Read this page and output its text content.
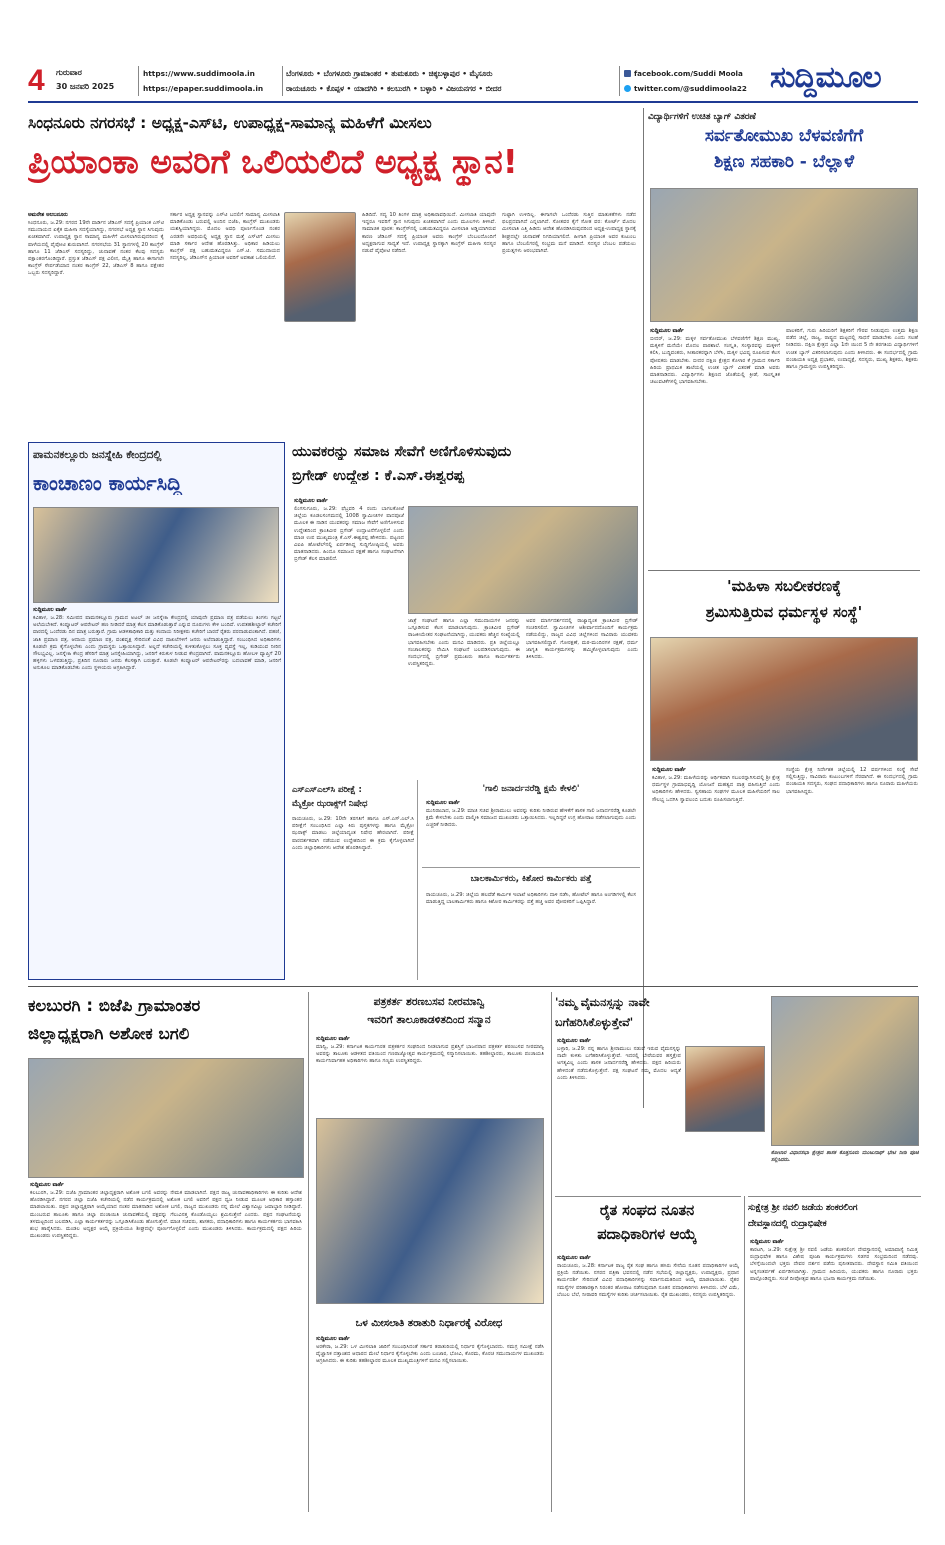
4 ಗುರುವಾರ
30 ಜನವರಿ 2025
https://www.suddimoola.in
https://epaper.suddimoola.in
ಬೆಂಗಳೂರು • ಬೆಂಗಳೂರು ಗ್ರಾಮಾಂತರ • ತುಮಕೂರು • ಚಿಕ್ಕಬಳ್ಳಾಪುರ • ಮೈಸೂರು
ರಾಯಚೂರು • ಕೊಪ್ಪಳ • ಯಾದಗಿರಿ • ಕಲಬುರಗಿ • ಬಳ್ಳಾರಿ • ವಿಜಯನಗರ • ಬೀದರ
facebook.com/Suddi Moola
twitter.com/@suddimoola22 ಸುದ್ದಿಮೂಲ
ಸಿಂಧನೂರು ನಗರಸಭೆ : ಅಧ್ಯಕ್ಷ-ಎಸ್‌ಟಿ, ಉಪಾಧ್ಯಕ್ಷ-ಸಾಮಾನ್ಯ ಮಹಿಳೆಗೆ ಮೀಸಲು
ಪ್ರಿಯಾಂಕಾ ಅವರಿಗೆ ಒಲಿಯಲಿದೆ ಅಧ್ಯಕ್ಷ ಸ್ಥಾನ!
ಅಮರೇಶ ಅಲಬನೂರು
ಸಿಂಧನೂರು, ಜ.29: ನಗರದ 19ನೇ ವಾರ್ಡಿನ ಜೆಡಿಎಸ್ ಸದಸ್ಯೆ ಪ್ರಿಯಾಂಕ ಎಸ್‌ಟಿ ಸಮುದಾಯದ ಏಕೈಕ ಮಹಿಳಾ ಸದಸ್ಯೆಯಾಗಿದ್ದು, ನಗರಸಭೆ ಅಧ್ಯಕ್ಷ ಸ್ಥಾನ ಸಿಗುವುದು ಖಚಿತವಾಗಿದೆ. ಉಪಾಧ್ಯಕ್ಷ ಸ್ಥಾನ ಸಾಮಾನ್ಯ ಮಹಿಳೆಗೆ ಮೀಸಲಾಗಿರುವುದರಿಂದ ಕೈ ಪಾಳೆಯದಲ್ಲಿ ಪೈಪೋಟಿ ಶುರುವಾಗಿದೆ. ನಗರಸಭೆಯ 31 ಸ್ಥಾನಗಳಲ್ಲಿ 20 ಕಾಂಗ್ರೆಸ್ ಹಾಗೂ 11 ಜೆಡಿಎಸ್ ಸದಸ್ಯರಿದ್ದು, ಚುನಾವಣೆ ನಂತರ ಕೆಲವು ಸದಸ್ಯರು ಪಕ್ಷಾಂತರಗೊಂಡಿದ್ದಾರೆ. ಪ್ರಸ್ತುತ ಜೆಡಿಎಸ್ ಪಕ್ಷ ವಿಲೀನ, ಮೈತ್ರಿ ಹಾಗೂ ಈಗಾಗಲೇ ಕಾಂಗ್ರೆಸ್ ಸೇರ್ಪಡೆಯಾದ ನಂತರ ಕಾಂಗ್ರೆಸ್ 22, ಜೆಡಿಎಸ್ 8 ಹಾಗೂ ಪಕ್ಷೇತರ ಒಬ್ಬರು ಸದಸ್ಯರಿದ್ದಾರೆ.
ಸರ್ಕಾರ ಅಧ್ಯಕ್ಷ ಸ್ಥಾನವನ್ನು ಎಸ್‌ಟಿ ಬದಲಿಗೆ ಸಾಮಾನ್ಯ ಮೀಸಲಾತಿ ಮಾಡಿಕೊಂಡು ಬರುವಲ್ಲಿ ಅಂದಿನ ಬಿಜೆಪಿ, ಕಾಂಗ್ರೆಸ್ ಮುಖಂಡರು ಯಶಸ್ವಿಯಾಗಿದ್ದರು. ಮೊದಲ ಅವಧಿ ಪೂರ್ಣಗೊಂಡ ನಂತರ ಎರಡನೇ ಅವಧಿಯಲ್ಲಿ ಅಧ್ಯಕ್ಷ ಸ್ಥಾನ ಮತ್ತೆ ಎಸ್‌ಟಿಗೆ ಮೀಸಲು ಮಾಡಿ ಸರ್ಕಾರ ಆದೇಶ ಹೊರಡಿಸಿತ್ತು. ಅಧಿಕಾರ ಹಿಡಿಯಲು ಕಾಂಗ್ರೆಸ್ ಪಕ್ಷ ಬಹುಮತವಿದ್ದರೂ ಎಸ್.ಟಿ. ಸಮುದಾಯದ ಸದಸ್ಯರಿಲ್ಲ, ಜೆಡಿಎಸ್‌ನ ಪ್ರಿಯಾಂಕ ಅವರಿಗೆ ಅವಕಾಶ ಒಲಿಯಲಿದೆ.
ಹಿಡಿದಿದೆ. ಸದ್ಯ 10 ತಿಂಗಳ ಮಾತ್ರ ಅಧಿಕಾರಾವಧಿಯಿದೆ. ಮೀಸಲಾತಿ ಯಾವುದೇ ಇದ್ದರೂ ಇವರಿಗೆ ಸ್ಥಾನ ಸಿಗುವುದು ಖಚಿತವಾಗಿದೆ ಎಂದು ಮೂಲಗಳು ತಿಳಿಸಿವೆ. ಸಾಮಾಜಿಕ ಪೂರಕ: ಕಾಂಗ್ರೆಸ್‌ನಲ್ಲಿ ಬಹುಮತವಿದ್ದರೂ ಮೀಸಲಾತಿ ಅಡ್ಡಿಯಾಗಿರುವ ಕಾರಣ ಜೆಡಿಎಸ್ ಸದಸ್ಯೆ ಪ್ರಿಯಾಂಕ ಅವರು ಕಾಂಗ್ರೆಸ್ ಬೆಂಬಲದೊಂದಿಗೆ ಅಧ್ಯಕ್ಷರಾಗುವ ಸಾಧ್ಯತೆ ಇದೆ. ಉಪಾಧ್ಯಕ್ಷ ಸ್ಥಾನಕ್ಕಾಗಿ ಕಾಂಗ್ರೆಸ್ ಮಹಿಳಾ ಸದಸ್ಯರ ನಡುವೆ ಪೈಪೋಟಿ ನಡೆದಿದೆ.
ಗುಟ್ಟಾಗಿ ಉಳಿದಿಲ್ಲ. ಈಗಾಗಲೇ ಒಂದೆರಡು ಸುತ್ತಿನ ಮಾತುಕತೆಗಳು ನಡೆದ ಫಲಪ್ರದವಾಗಿದೆ ಎನ್ನಲಾಗಿದೆ. ಸೋತವರ ಕೈಗೆ ಸೋತ ವರ: ಕೋರ್ಟ್ ಮೊದಲ ಮೀಸಲಾತಿ ಎತ್ತಿ ಹಿಡಿದು ಆದೇಶ ಹೊರಡಿಸಿರುವುದರಿಂದ ಅಧ್ಯಕ್ಷ-ಉಪಾಧ್ಯಕ್ಷ ಸ್ಥಾನಕ್ಕೆ ಶೀಘ್ರದಲ್ಲೇ ಚುನಾವಣೆ ನಿಗದಿಯಾಗಲಿದೆ. ಹೀಗಾಗಿ ಪ್ರಿಯಾಂಕ ಅವರ ಕುಟುಂಬ ಹಾಗೂ ಬೆಂಬಲಿಗರಲ್ಲಿ ಸಂಭ್ರಮ ಮನೆ ಮಾಡಿದೆ. ಸದಸ್ಯರ ಬೆಂಬಲ ಪಡೆಯಲು ಪ್ರಯತ್ನಗಳು ಆರಂಭವಾಗಿವೆ.
ವಿದ್ಯಾರ್ಥಿಗಳಿಗೆ ಉಚಿತ ಬ್ಯಾಗ್ ವಿತರಣೆ
ಸರ್ವತೋಮುಖ ಬೆಳವಣಿಗೆಗೆ
ಶಿಕ್ಷಣ ಸಹಕಾರಿ - ಬೆಲ್ಲಾಳೆ
ಸುದ್ದಿಮೂಲ ವಾರ್ತೆ
ಬೀದರ್, ಜ.29: ಮಕ್ಕಳ ಸರ್ವತೋಮುಖ ಬೆಳವಣಿಗೆಗೆ ಶಿಕ್ಷಣ ಮುಖ್ಯ. ಮಕ್ಕಳಿಗೆ ಮನೆಯೇ ಮೊದಲ ಪಾಠಶಾಲೆ. ಸಂಸ್ಕೃತಿ, ಸಂಸ್ಕಾರವನ್ನು ಮಕ್ಕಳಿಗೆ ಕಲಿಸಿ, ಬುದ್ಧಿವಂತರು, ಸೀತಾರಕರನ್ನಾಗಿ ಬೆಳೆಸಿ, ಮಕ್ಕಳ ಭವಿಷ್ಯ ರೂಪಿಸುವ ಕೆಲಸ ಪೋಷಕರು ಮಾಡಬೇಕು. ಬೀದರ ದಕ್ಷಿಣ ಕ್ಷೇತ್ರದ ಕೊಳಾರ ಕೆ ಗ್ರಾಮದ ಸರ್ಕಾರಿ ಹಿರಿಯ ಪ್ರಾಥಮಿಕ ಶಾಲೆಯಲ್ಲಿ ಉಚಿತ ಬ್ಯಾಗ್ ವಿತರಣೆ ಮಾಡಿ ಅವರು ಮಾತನಾಡಿದರು. ವಿದ್ಯಾರ್ಥಿಗಳು ಶಿಕ್ಷಣದ ಜೊತೆಯಲ್ಲಿ ಕ್ರೀಡೆ, ಸಾಂಸ್ಕೃತಿಕ ಚಟುವಟಿಕೆಗಳಲ್ಲಿ ಭಾಗವಹಿಸಬೇಕು.
ಪಾಲಕರಿಗೆ, ಗುರು ಹಿರಿಯರಿಗೆ ಶಿಕ್ಷಕರಿಗೆ ಗೌರವ ನೀಡುವುದು ಉತ್ತಮ ಶಿಕ್ಷಣ ಪಡೆದ ಜಿಲ್ಲೆ, ರಾಜ್ಯ, ರಾಷ್ಟ್ರದ ಮಟ್ಟದಲ್ಲಿ ಸಾಧನೆ ಮಾಡಬೇಕು ಎಂದು ಸಲಹೆ ನೀಡಿದರು. ದಕ್ಷಿಣ ಕ್ಷೇತ್ರದ ಎಲ್ಲಾ 1ನೇ ಯಿಂದ 5 ನೇ ತರಗತಿಯ ವಿದ್ಯಾರ್ಥಿಗಳಿಗೆ ಉಚಿತ ಬ್ಯಾಗ್ ವಿತರಿಸಲಾಗುವುದು ಎಂದು ತಿಳಿಸಿದರು. ಈ ಸಂದರ್ಭದಲ್ಲಿ ಗ್ರಾಮ ಪಂಚಾಯತಿ ಅಧ್ಯಕ್ಷ ಪ್ರಭಾಕರ, ಉಪಾಧ್ಯಕ್ಷೆ, ಸದಸ್ಯರು, ಮುಖ್ಯ ಶಿಕ್ಷಕರು, ಶಿಕ್ಷಕರು ಹಾಗೂ ಗ್ರಾಮಸ್ಥರು ಉಪಸ್ಥಿತರಿದ್ದರು.
ಪಾಮನಕಲ್ಲೂರು ಜನಸ್ನೇಹಿ ಕೇಂದ್ರದಲ್ಲಿ
ಕಾಂಚಾಣಂ ಕಾರ್ಯಸಿದ್ಧಿ
ಸುದ್ದಿಮೂಲ ವಾರ್ತೆ
ಕವಿತಾಳ, ಜ.28: ಸಮೀಪದ ಪಾಮನಕಲ್ಲೂರು ಗ್ರಾಮದ ಅಟಲ್ ಜೀ ಜನಸ್ನೇಹಿ ಕೇಂದ್ರದಲ್ಲಿ ಯಾವುದೇ ಪ್ರಮಾಣ ಪತ್ರ ಪಡೆಯಲು ತಿಂಗಳು ಗಟ್ಟಲೆ ಅಲೆಯಬೇಕಿದೆ. ಕಂಪ್ಯೂಟರ್ ಆಪರೇಟರ್ ಹಣ ನೀಡಿದರೆ ಮಾತ್ರ ಕೆಲಸ ಮಾಡಿಕೊಡುತ್ತಾರೆ ಎನ್ನುವ ದೂರುಗಳು ಕೇಳಿ ಬಂದಿವೆ. ಉಪತಹಶೀಲ್ದಾರ್ ಕಚೇರಿಗೆ ವಾರದಲ್ಲಿ ಒಂದೆರಡು ದಿನ ಮಾತ್ರ ಬರುತ್ತಾರೆ. ಗ್ರಾಮ ಆಡಳಿತಾಧಿಕಾರಿ ಮತ್ತು ಕಂದಾಯ ನಿರೀಕ್ಷಕರು ಕಚೇರಿಗೆ ಬಾರದೆ ರೈತರು ಪರದಾಡುವಂತಾಗಿದೆ. ಪಹಣಿ, ಜಾತಿ ಪ್ರಮಾಣ ಪತ್ರ, ಆದಾಯ ಪ್ರಮಾಣ ಪತ್ರ, ವಂಶವೃಕ್ಷ ಸೇರಿದಂತೆ ವಿವಿಧ ದಾಖಲೆಗಳಿಗೆ ಜನರು ಅಲೆದಾಡುತ್ತಿದ್ದಾರೆ. ಸಂಬಂಧಿಸಿದ ಅಧಿಕಾರಿಗಳು ಕೂಡಲೇ ಕ್ರಮ ಕೈಗೊಳ್ಳಬೇಕು ಎಂದು ಗ್ರಾಮಸ್ಥರು ಒತ್ತಾಯಿಸಿದ್ದಾರೆ. ಅಲ್ಲದೆ ಕಚೇರಿಯಲ್ಲಿ ಕುಳಿತುಕೊಳ್ಳಲು ಸೂಕ್ತ ವ್ಯವಸ್ಥೆ ಇಲ್ಲ, ಕುಡಿಯುವ ನೀರಿನ ಸೌಲಭ್ಯವಿಲ್ಲ. ಜನಸ್ನೇಹಿ ಕೇಂದ್ರ ಹೆಸರಿಗೆ ಮಾತ್ರ ಜನಸ್ನೇಹಿಯಾಗಿದ್ದು, ಜನರಿಗೆ ಕಿರುಕುಳ ನೀಡುವ ಕೇಂದ್ರವಾಗಿದೆ. ಪಾಮನಕಲ್ಲೂರು ಹೋಬಳಿ ವ್ಯಾಪ್ತಿಗೆ 20 ಹಳ್ಳಿಗಳು ಒಳಪಡುತ್ತಿದ್ದು, ಪ್ರತಿದಿನ ನೂರಾರು ಜನರು ಕೆಲಸಕ್ಕಾಗಿ ಬರುತ್ತಾರೆ. ಕೂಡಲೇ ಕಂಪ್ಯೂಟರ್ ಆಪರೇಟರ್‌ರನ್ನು ಬದಲಾವಣೆ ಮಾಡಿ, ಜನರಿಗೆ ಅನುಕೂಲ ಮಾಡಿಕೊಡಬೇಕು ಎಂದು ಸ್ಥಳೀಯರು ಆಗ್ರಹಿಸಿದ್ದಾರೆ.
ಯುವಕರನ್ನು ಸಮಾಜ ಸೇವೆಗೆ ಅಣಿಗೊಳಿಸುವುದು
ಬ್ರಿಗೇಡ್ ಉದ್ದೇಶ : ಕೆ.ಎಸ್.ಈಶ್ವರಪ್ಪ
ಸುದ್ದಿಮೂಲ ವಾರ್ತೆ
ಲಿಂಗಸುಗೂರು, ಜ.29: ಫೆಬ್ರವರಿ 4 ರಂದು ಬಾಗಲಕೋಟೆ ಜಿಲ್ಲೆಯ ಕೂಡಲಸಂಗಮದಲ್ಲಿ 1008 ಸ್ವಾಮೀಜಿಗಳ ಪಾದಪೂಜೆ ಮೂಲಕ ಈ ನಾಡಿನ ಯುವಕರನ್ನು ಸಮಾಜ ಸೇವೆಗೆ ಅಣಿಗೊಳಿಸುವ ಉದ್ದೇಶದಿಂದ ಕ್ರಾಂತಿವೀರ ಬ್ರಿಗೇಡ್ ಉದ್ಘಾಟನೆಗೊಳ್ಳಲಿದೆ ಎಂದು ಮಾಜಿ ಉಪ ಮುಖ್ಯಮಂತ್ರಿ ಕೆ.ಎಸ್.ಈಶ್ವರಪ್ಪ ಹೇಳಿದರು. ಪಟ್ಟಣದ ವಿಐಪಿ ಹೋಟೆಲ್‌ನಲ್ಲಿ ಏರ್ಪಡಿಸಿದ್ದ ಸುದ್ದಿಗೋಷ್ಠಿಯಲ್ಲಿ ಅವರು ಮಾತನಾಡಿದರು. ಹಿಂದೂ ಸಮಾಜದ ರಕ್ಷಣೆ ಹಾಗೂ ಸಂಘಟನೆಗಾಗಿ ಬ್ರಿಗೇಡ್ ಕೆಲಸ ಮಾಡಲಿದೆ.
ಜಾತ್ರೆ ಸಂಘಟನೆ ಹಾಗೂ ಎಲ್ಲಾ ಸಮುದಾಯಗಳ ಜನರನ್ನು ಒಗ್ಗೂಡಿಸುವ ಕೆಲಸ ಮಾಡಲಾಗುವುದು. ಕ್ರಾಂತಿವೀರ ಬ್ರಿಗೇಡ್ ರಾಜಕೀಯೇತರ ಸಂಘಟನೆಯಾಗಿದ್ದು, ಯುವಕರು ಹೆಚ್ಚಿನ ಸಂಖ್ಯೆಯಲ್ಲಿ ಭಾಗವಹಿಸಬೇಕು ಎಂದು ಮನವಿ ಮಾಡಿದರು. ಪ್ರತಿ ಜಿಲ್ಲೆಯಲ್ಲೂ ಸಂಚಾಲಕರನ್ನು ನೇಮಿಸಿ ಸಂಘಟನೆ ಬಲಪಡಿಸಲಾಗುವುದು. ಈ ಸಂದರ್ಭದಲ್ಲಿ ಬ್ರಿಗೇಡ್ ಪ್ರಮುಖರು ಹಾಗೂ ಕಾರ್ಯಕರ್ತರು ಉಪಸ್ಥಿತರಿದ್ದರು.
ಅವರ ಮಾರ್ಗದರ್ಶನದಲ್ಲಿ ರಾಜ್ಯಾದ್ಯಂತ ಕ್ರಾಂತಿವೀರ ಬ್ರಿಗೇಡ್ ಸಂಚರಿಸಲಿದೆ. ಸ್ವಾಮೀಜಿಗಳ ಆಶೀರ್ವಾದದೊಂದಿಗೆ ಕಾರ್ಯಕ್ರಮ ನಡೆಯಲಿದ್ದು, ರಾಜ್ಯದ ವಿವಿಧ ಜಿಲ್ಲೆಗಳಿಂದ ಸಾವಿರಾರು ಯುವಕರು ಭಾಗವಹಿಸಲಿದ್ದಾರೆ. ಗೋರಕ್ಷಣೆ, ಮಠ-ಮಂದಿರಗಳ ರಕ್ಷಣೆ, ಧರ್ಮ ಜಾಗೃತಿ ಕಾರ್ಯಕ್ರಮಗಳನ್ನು ಹಮ್ಮಿಕೊಳ್ಳಲಾಗುವುದು ಎಂದು ತಿಳಿಸಿದರು.
ಎಸ್‌ಎಸ್‌ಎಲ್‌ಸಿ ಪರೀಕ್ಷೆ :
ಮೈಕ್ರೋ ಝರಾಕ್ಸ್‌ಗೆ ನಿಷೇಧ
ರಾಯಚೂರು, ಜ.29: 10ನೇ ತರಗತಿಗೆ ಹಾಗೂ ಎಸ್.ಎಸ್.ಎಲ್.ಸಿ ಪರೀಕ್ಷೆಗೆ ಸಂಬಂಧಿಸಿದ ಎಲ್ಲಾ ಕಿರು ಪುಸ್ತಕಗಳನ್ನು ಹಾಗೂ ಮೈಕ್ರೋ ಝರಾಕ್ಸ್ ಮಾಡಲು ಜಿಲ್ಲೆಯಾದ್ಯಂತ ನಿಷೇಧ ಹೇರಲಾಗಿದೆ. ಪರೀಕ್ಷೆ ಪಾರದರ್ಶಕವಾಗಿ ನಡೆಯುವ ಉದ್ದೇಶದಿಂದ ಈ ಕ್ರಮ ಕೈಗೊಳ್ಳಲಾಗಿದೆ ಎಂದು ಜಿಲ್ಲಾಧಿಕಾರಿಗಳು ಆದೇಶ ಹೊರಡಿಸಿದ್ದಾರೆ.
'ಗಾಲಿ ಜನಾರ್ದನರೆಡ್ಡಿ ಕ್ಷಮೆ ಕೇಳಲಿ'
ಸುದ್ದಿಮೂಲ ವಾರ್ತೆ
ಮುನಿರಾಬಾದ, ಜ.29: ಮಾಜಿ ಸಚಿವ ಶ್ರೀರಾಮುಲು ಅವರನ್ನು ಕುರಿತು ನೀಡಿರುವ ಹೇಳಿಕೆಗೆ ಶಾಸಕ ಗಾಲಿ ಜನಾರ್ದನರೆಡ್ಡಿ ಕೂಡಲೇ ಕ್ಷಮೆ ಕೇಳಬೇಕು ಎಂದು ವಾಲ್ಮೀಕಿ ಸಮಾಜದ ಮುಖಂಡರು ಒತ್ತಾಯಿಸಿದರು. ಇಲ್ಲದಿದ್ದರೆ ಉಗ್ರ ಹೋರಾಟ ನಡೆಸಲಾಗುವುದು ಎಂದು ಎಚ್ಚರಿಕೆ ನೀಡಿದರು.
ಬಾಲಕಾರ್ಮಿಕರು, ಕಿಶೋರ ಕಾರ್ಮಿಕರು ಪತ್ತೆ
ರಾಯಚೂರು, ಜ.29: ಜಿಲ್ಲೆಯ ಹಲವೆಡೆ ಕಾರ್ಮಿಕ ಇಲಾಖೆ ಅಧಿಕಾರಿಗಳು ದಾಳಿ ನಡೆಸಿ, ಹೋಟೆಲ್ ಹಾಗೂ ಅಂಗಡಿಗಳಲ್ಲಿ ಕೆಲಸ ಮಾಡುತ್ತಿದ್ದ ಬಾಲಕಾರ್ಮಿಕರು ಹಾಗೂ ಕಿಶೋರ ಕಾರ್ಮಿಕರನ್ನು ಪತ್ತೆ ಹಚ್ಚಿ ಅವರ ಪೋಷಕರಿಗೆ ಒಪ್ಪಿಸಿದ್ದಾರೆ.
'ಮಹಿಳಾ ಸಬಲೀಕರಣಕ್ಕೆ
ಶ್ರಮಿಸುತ್ತಿರುವ ಧರ್ಮಸ್ಥಳ ಸಂಸ್ಥೆ'
ಸುದ್ದಿಮೂಲ ವಾರ್ತೆ
ಕವಿತಾಳ, ಜ.29: ಮಹಿಳೆಯರನ್ನು ಆರ್ಥಿಕವಾಗಿ ಸಬಲರನ್ನಾಗಿಸುವಲ್ಲಿ ಶ್ರೀ ಕ್ಷೇತ್ರ ಧರ್ಮಸ್ಥಳ ಗ್ರಾಮಾಭಿವೃದ್ಧಿ ಯೋಜನೆ ಮಹತ್ವದ ಪಾತ್ರ ವಹಿಸುತ್ತಿದೆ ಎಂದು ಅಧಿಕಾರಿಗಳು ಹೇಳಿದರು. ಸ್ವಸಹಾಯ ಸಂಘಗಳ ಮೂಲಕ ಮಹಿಳೆಯರಿಗೆ ಸಾಲ ಸೌಲಭ್ಯ ಒದಗಿಸಿ ಸ್ವಾವಲಂಬಿ ಬದುಕು ರೂಪಿಸಲಾಗುತ್ತಿದೆ.
ಸಂಸ್ಥೆಯ ಕ್ಷೇತ್ರ ನಿರ್ದೇಶಕ ಜಿಲ್ಲೆಯಲ್ಲಿ 12 ವರ್ಷಗಳಿಂದ ಸಂಸ್ಥೆ ಸೇವೆ ಸಲ್ಲಿಸುತ್ತಿದ್ದು, ಸಾವಿರಾರು ಕುಟುಂಬಗಳಿಗೆ ನೆರವಾಗಿದೆ. ಈ ಸಂದರ್ಭದಲ್ಲಿ ಗ್ರಾಮ ಪಂಚಾಯತಿ ಸದಸ್ಯರು, ಸಂಘದ ಪದಾಧಿಕಾರಿಗಳು ಹಾಗೂ ನೂರಾರು ಮಹಿಳೆಯರು ಭಾಗವಹಿಸಿದ್ದರು.
ಕಲಬುರಗಿ : ಬಿಜೆಪಿ ಗ್ರಾಮಾಂತರ
ಜಿಲ್ಲಾಧ್ಯಕ್ಷರಾಗಿ ಅಶೋಕ ಬಗಲಿ
ಸುದ್ದಿಮೂಲ ವಾರ್ತೆ
ಕಲಬುರಗಿ, ಜ.29: ಬಿಜೆಪಿ ಗ್ರಾಮಾಂತರ ಜಿಲ್ಲಾಧ್ಯಕ್ಷರಾಗಿ ಅಶೋಕ ಬಗಲಿ ಅವರನ್ನು ನೇಮಕ ಮಾಡಲಾಗಿದೆ. ಪಕ್ಷದ ರಾಜ್ಯ ಚುನಾವಣಾಧಿಕಾರಿಗಳು ಈ ಕುರಿತು ಆದೇಶ ಹೊರಡಿಸಿದ್ದಾರೆ. ನಗರದ ಜಿಲ್ಲಾ ಬಿಜೆಪಿ ಕಚೇರಿಯಲ್ಲಿ ನಡೆದ ಕಾರ್ಯಕ್ರಮದಲ್ಲಿ ಅಶೋಕ ಬಗಲಿ ಅವರಿಗೆ ಪಕ್ಷದ ಧ್ವಜ ನೀಡುವ ಮೂಲಕ ಅಧಿಕಾರ ಹಸ್ತಾಂತರ ಮಾಡಲಾಯಿತು. ಪಕ್ಷದ ಜಿಲ್ಲಾಧ್ಯಕ್ಷರಾಗಿ ಆಯ್ಕೆಯಾದ ನಂತರ ಮಾತನಾಡಿದ ಅಶೋಕ ಬಗಲಿ, ರಾಜ್ಯದ ಮುಖಂಡರು ನನ್ನ ಮೇಲೆ ವಿಶ್ವಾಸವಿಟ್ಟು ಜವಾಬ್ದಾರಿ ನೀಡಿದ್ದಾರೆ. ಮುಂಬರುವ ತಾಲೂಕು ಹಾಗೂ ಜಿಲ್ಲಾ ಪಂಚಾಯಿತಿ ಚುನಾವಣೆಯಲ್ಲಿ ಪಕ್ಷವನ್ನು ಗೆಲುವಿನತ್ತ ಕೊಂಡೊಯ್ಯಲು ಶ್ರಮಿಸುತ್ತೇನೆ ಎಂದರು. ಪಕ್ಷದ ಸಂಘಟನೆಯನ್ನು ತಳಮಟ್ಟದಿಂದ ಬಲಪಡಿಸಿ, ಎಲ್ಲಾ ಕಾರ್ಯಕರ್ತರನ್ನು ಒಗ್ಗೂಡಿಸಿಕೊಂಡು ಹೋಗುತ್ತೇನೆ. ಮಾಜಿ ಸಚಿವರು, ಶಾಸಕರು, ಪದಾಧಿಕಾರಿಗಳು ಹಾಗೂ ಕಾರ್ಯಕರ್ತರು ಭಾಗವಹಿಸಿ ಶುಭ ಹಾರೈಸಿದರು. ಮಂಡಲ ಅಧ್ಯಕ್ಷರ ಆಯ್ಕೆ ಪ್ರಕ್ರಿಯೆಯೂ ಶೀಘ್ರದಲ್ಲೇ ಪೂರ್ಣಗೊಳ್ಳಲಿದೆ ಎಂದು ಮುಖಂಡರು ತಿಳಿಸಿದರು. ಕಾರ್ಯಕ್ರಮದಲ್ಲಿ ಪಕ್ಷದ ಹಿರಿಯ ಮುಖಂಡರು ಉಪಸ್ಥಿತರಿದ್ದರು.
ಪತ್ರಕರ್ತ ಶರಣಬಸವ ನೀರಮಾನ್ವಿ
ಇವರಿಗೆ ತಾಲೂಕಾಡಳಿತದಿಂದ ಸನ್ಮಾನ
ಸುದ್ದಿಮೂಲ ವಾರ್ತೆ
ಮಾನ್ವಿ, ಜ.29: ಕರ್ನಾಟಕ ಕಾರ್ಯನಿರತ ಪತ್ರಕರ್ತರ ಸಂಘದಿಂದ ನೀಡಲಾಗುವ ಪ್ರಶಸ್ತಿಗೆ ಭಾಜನರಾದ ಪತ್ರಕರ್ತ ಶರಣಬಸವ ನೀರಮಾನ್ವಿ ಅವರನ್ನು ತಾಲೂಕು ಆಡಳಿತದ ವತಿಯಿಂದ ಗಣರಾಜ್ಯೋತ್ಸವ ಕಾರ್ಯಕ್ರಮದಲ್ಲಿ ಸನ್ಮಾನಿಸಲಾಯಿತು. ತಹಶೀಲ್ದಾರರು, ತಾಲೂಕು ಪಂಚಾಯತಿ ಕಾರ್ಯನಿರ್ವಾಹಕ ಅಧಿಕಾರಿಗಳು ಹಾಗೂ ಗಣ್ಯರು ಉಪಸ್ಥಿತರಿದ್ದರು.
ಒಳ ಮೀಸಲಾತಿ ತರಾತುರಿ ನಿರ್ಧಾರಕ್ಕೆ ವಿರೋಧ
ಸುದ್ದಿಮೂಲ ವಾರ್ತೆ
ಅರಕೇರಾ, ಜ.29: ಒಳ ಮೀಸಲಾತಿ ಜಾರಿಗೆ ಸಂಬಂಧಿಸಿದಂತೆ ಸರ್ಕಾರ ತರಾತುರಿಯಲ್ಲಿ ನಿರ್ಧಾರ ಕೈಗೊಳ್ಳಬಾರದು. ಸಮಗ್ರ ಸಮೀಕ್ಷೆ ನಡೆಸಿ ವೈಜ್ಞಾನಿಕ ದತ್ತಾಂಶದ ಆಧಾರದ ಮೇಲೆ ನಿರ್ಧಾರ ಕೈಗೊಳ್ಳಬೇಕು ಎಂದು ಬಂಜಾರ, ಭೋವಿ, ಕೊರಮ, ಕೊರಚ ಸಮುದಾಯಗಳ ಮುಖಂಡರು ಆಗ್ರಹಿಸಿದರು. ಈ ಕುರಿತು ತಹಶೀಲ್ದಾರರ ಮೂಲಕ ಮುಖ್ಯಮಂತ್ರಿಗಳಿಗೆ ಮನವಿ ಸಲ್ಲಿಸಲಾಯಿತು.
'ನಮ್ಮ ವೈಮನಸ್ಸನ್ನು ನಾವೇ
ಬಗೆಹರಿಸಿಕೊಳ್ಳುತ್ತೇವೆ'
ಸುದ್ದಿಮೂಲ ವಾರ್ತೆ
ಬಳ್ಳಾರಿ, ಜ.29: ನನ್ನ ಹಾಗೂ ಶ್ರೀರಾಮುಲು ನಡುವೆ ಇರುವ ವೈಮನಸ್ಸನ್ನು ನಾವೇ ಕುಳಿತು ಬಗೆಹರಿಸಿಕೊಳ್ಳುತ್ತೇವೆ. ಇದರಲ್ಲಿ ಬೇರೆಯವರ ಹಸ್ತಕ್ಷೇಪ ಅಗತ್ಯವಿಲ್ಲ ಎಂದು ಶಾಸಕ ಜನಾರ್ದನರೆಡ್ಡಿ ಹೇಳಿದರು. ಪಕ್ಷದ ಹಿರಿಯರು ಹೇಳಿದಂತೆ ನಡೆದುಕೊಳ್ಳುತ್ತೇನೆ. ಪಕ್ಷ ಸಂಘಟನೆ ನಮ್ಮ ಮೊದಲ ಆದ್ಯತೆ ಎಂದು ತಿಳಿಸಿದರು.
ಕೋಲಾರ ವಿಧಾನಸಭಾ ಕ್ಷೇತ್ರದ ಶಾಸಕ ಕೊತ್ತನೂರು ಮಂಜುನಾಥ್ ಭೇಟಿ ನೀಡಿ ಪೂಜೆ ಸಲ್ಲಿಸಿದರು.
ರೈತ ಸಂಘದ ನೂತನ
ಪದಾಧಿಕಾರಿಗಳ ಆಯ್ಕೆ
ಸುದ್ದಿಮೂಲ ವಾರ್ತೆ
ರಾಯಚೂರು, ಜ.28: ಕರ್ನಾಟಕ ರಾಜ್ಯ ರೈತ ಸಂಘ ಹಾಗೂ ಹಸಿರು ಸೇನೆಯ ನೂತನ ಪದಾಧಿಕಾರಿಗಳ ಆಯ್ಕೆ ಪ್ರಕ್ರಿಯೆ ನಡೆಯಿತು. ನಗರದ ಪತ್ರಿಕಾ ಭವನದಲ್ಲಿ ನಡೆದ ಸಭೆಯಲ್ಲಿ ಜಿಲ್ಲಾಧ್ಯಕ್ಷರು, ಉಪಾಧ್ಯಕ್ಷರು, ಪ್ರಧಾನ ಕಾರ್ಯದರ್ಶಿ ಸೇರಿದಂತೆ ವಿವಿಧ ಪದಾಧಿಕಾರಿಗಳನ್ನು ಸರ್ವಾನುಮತದಿಂದ ಆಯ್ಕೆ ಮಾಡಲಾಯಿತು. ರೈತರ ಸಮಸ್ಯೆಗಳ ಪರಿಹಾರಕ್ಕಾಗಿ ನಿರಂತರ ಹೋರಾಟ ನಡೆಸುವುದಾಗಿ ನೂತನ ಪದಾಧಿಕಾರಿಗಳು ತಿಳಿಸಿದರು. ಬೆಳೆ ವಿಮೆ, ಬೆಂಬಲ ಬೆಲೆ, ನೀರಾವರಿ ಸಮಸ್ಯೆಗಳ ಕುರಿತು ಚರ್ಚಿಸಲಾಯಿತು. ರೈತ ಮುಖಂಡರು, ಸದಸ್ಯರು ಉಪಸ್ಥಿತರಿದ್ದರು.
ಸುಕ್ಷೇತ್ರ ಶ್ರೀ ನವಲಿ ಜಡೆಯ ಶಂಕರಲಿಂಗ
ದೇವಸ್ಥಾನದಲ್ಲಿ ರುದ್ರಾಭಿಷೇಕ
ಸುದ್ದಿಮೂಲ ವಾರ್ತೆ
ಕಾರಟಗಿ, ಜ.29: ಸುಕ್ಷೇತ್ರ ಶ್ರೀ ನವಲಿ ಜಡೆಯ ಶಂಕರಲಿಂಗ ದೇವಸ್ಥಾನದಲ್ಲಿ ಅಮಾವಾಸ್ಯೆ ನಿಮಿತ್ತ ರುದ್ರಾಭಿಷೇಕ ಹಾಗೂ ವಿಶೇಷ ಪೂಜಾ ಕಾರ್ಯಕ್ರಮಗಳು ಸಡಗರ ಸಂಭ್ರಮದಿಂದ ನಡೆದವು. ಬೆಳಗ್ಗೆಯಿಂದಲೇ ಭಕ್ತರು ದೇವರ ದರ್ಶನ ಪಡೆದು ಪುನೀತರಾದರು. ದೇವಸ್ಥಾನ ಸಮಿತಿ ವತಿಯಿಂದ ಅನ್ನಸಂತರ್ಪಣೆ ಏರ್ಪಡಿಸಲಾಗಿತ್ತು. ಗ್ರಾಮದ ಹಿರಿಯರು, ಯುವಕರು ಹಾಗೂ ನೂರಾರು ಭಕ್ತರು ಪಾಲ್ಗೊಂಡಿದ್ದರು. ಸಂಜೆ ದೀಪೋತ್ಸವ ಹಾಗೂ ಭಜನಾ ಕಾರ್ಯಕ್ರಮ ನಡೆಯಿತು.
